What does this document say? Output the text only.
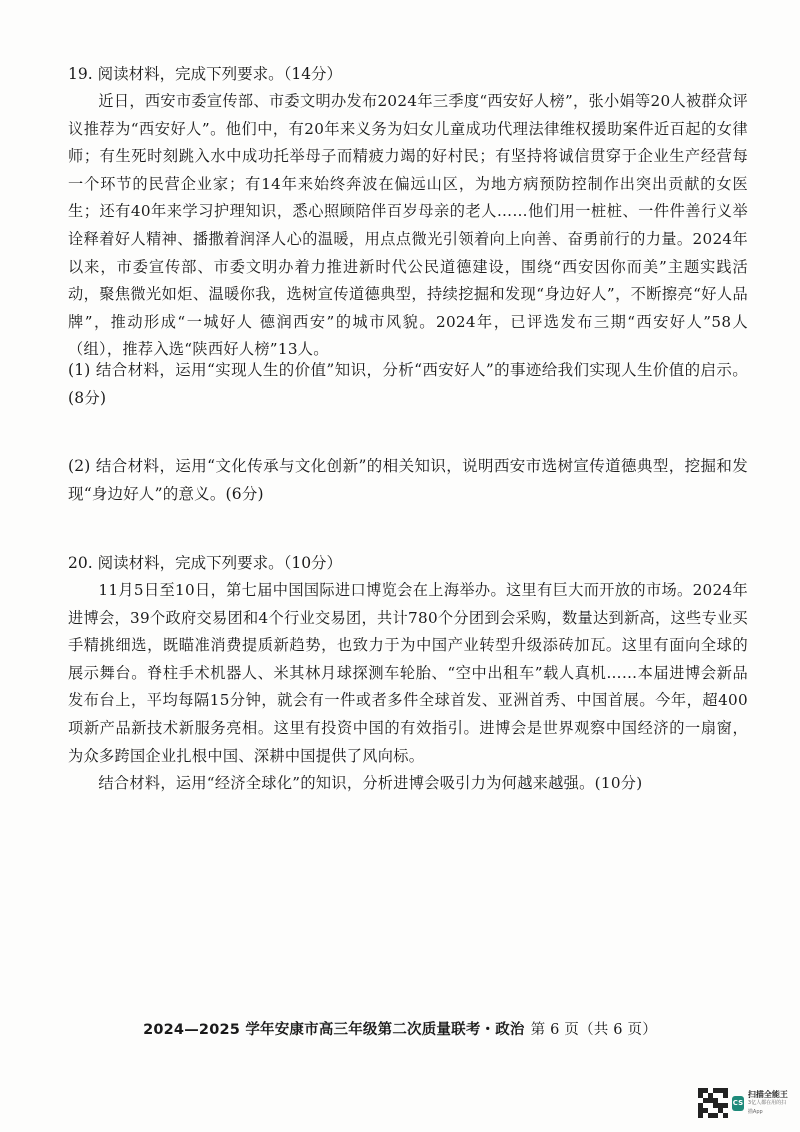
19. 阅读材料，完成下列要求。（14分）

近日，西安市委宣传部、市委文明办发布2024年三季度“西安好人榜”，张小娟等20人被群众评议推荐为“西安好人”。他们中，有20年来义务为妇女儿童成功代理法律维权援助案件近百起的女律师；有生死时刻跳入水中成功托举母子而精疲力竭的好村民；有坚持将诚信贯穿于企业生产经营每一个环节的民营企业家；有14年来始终奔波在偏远山区，为地方病预防控制作出突出贡献的女医生；还有40年来学习护理知识，悉心照顾陪伴百岁母亲的老人……他们用一桩桩、一件件善行义举诠释着好人精神、播撒着润泽人心的温暖，用点点微光引领着向上向善、奋勇前行的力量。2024年以来，市委宣传部、市委文明办着力推进新时代公民道德建设，围绕“西安因你而美”主题实践活动，聚焦微光如炬、温暖你我，选树宣传道德典型，持续挖掘和发现“身边好人”，不断擦亮“好人品牌”，推动形成“一城好人 德润西安”的城市风貌。2024年，已评选发布三期“西安好人”58人（组），推荐入选“陕西好人榜”13人。

(1) 结合材料，运用“实现人生的价值”知识，分析“西安好人”的事迹给我们实现人生价值的启示。(8分)

(2) 结合材料，运用“文化传承与文化创新”的相关知识，说明西安市选树宣传道德典型，挖掘和发现“身边好人”的意义。(6分)

20. 阅读材料，完成下列要求。（10分）

11月5日至10日，第七届中国国际进口博览会在上海举办。这里有巨大而开放的市场。2024年进博会，39个政府交易团和4个行业交易团，共计780个分团到会采购，数量达到新高，这些专业买手精挑细选，既瞄准消费提质新趋势，也致力于为中国产业转型升级添砖加瓦。这里有面向全球的展示舞台。脊柱手术机器人、米其林月球探测车轮胎、“空中出租车”载人真机……本届进博会新品发布台上，平均每隔15分钟，就会有一件或者多件全球首发、亚洲首秀、中国首展。今年，超400项新产品新技术新服务亮相。这里有投资中国的有效指引。进博会是世界观察中国经济的一扇窗，为众多跨国企业扎根中国、深耕中国提供了风向标。

结合材料，运用“经济全球化”的知识，分析进博会吸引力为何越来越强。(10分)

2024—2025 学年安康市高三年级第二次质量联考・政治 第 6 页（共 6 页）
CS
扫描全能王
3亿人都在用的扫描App
